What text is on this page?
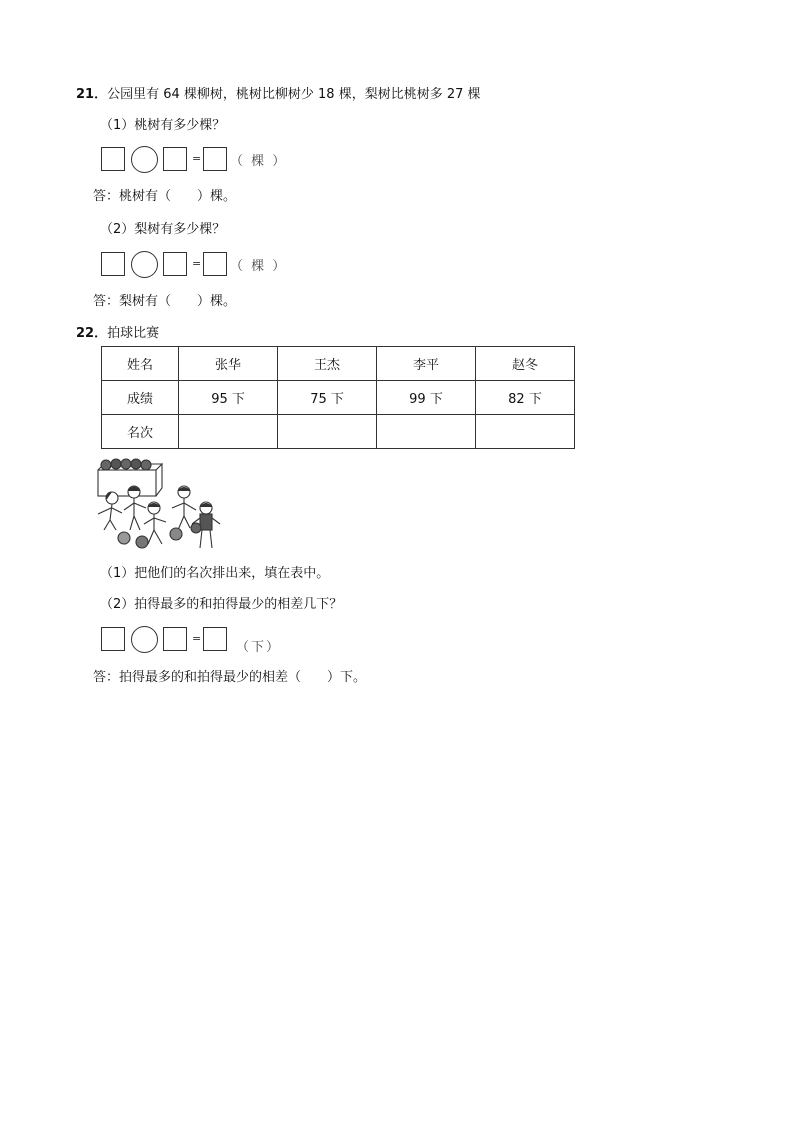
21．公园里有 64 棵柳树，桃树比柳树少 18 棵，梨树比桃树多 27 棵
（1）桃树有多少棵？
= （ 棵 ）
答：桃树有（　　）棵。
（2）梨树有多少棵？
= （ 棵 ）
答：梨树有（　　）棵。
22．拍球比赛
姓名	张华	王杰	李平	赵冬
成绩	95 下	75 下	99 下	82 下
名次				
（1）把他们的名次排出来，填在表中。
（2）拍得最多的和拍得最少的相差几下？
=
（下）
答：拍得最多的和拍得最少的相差（　　）下。
